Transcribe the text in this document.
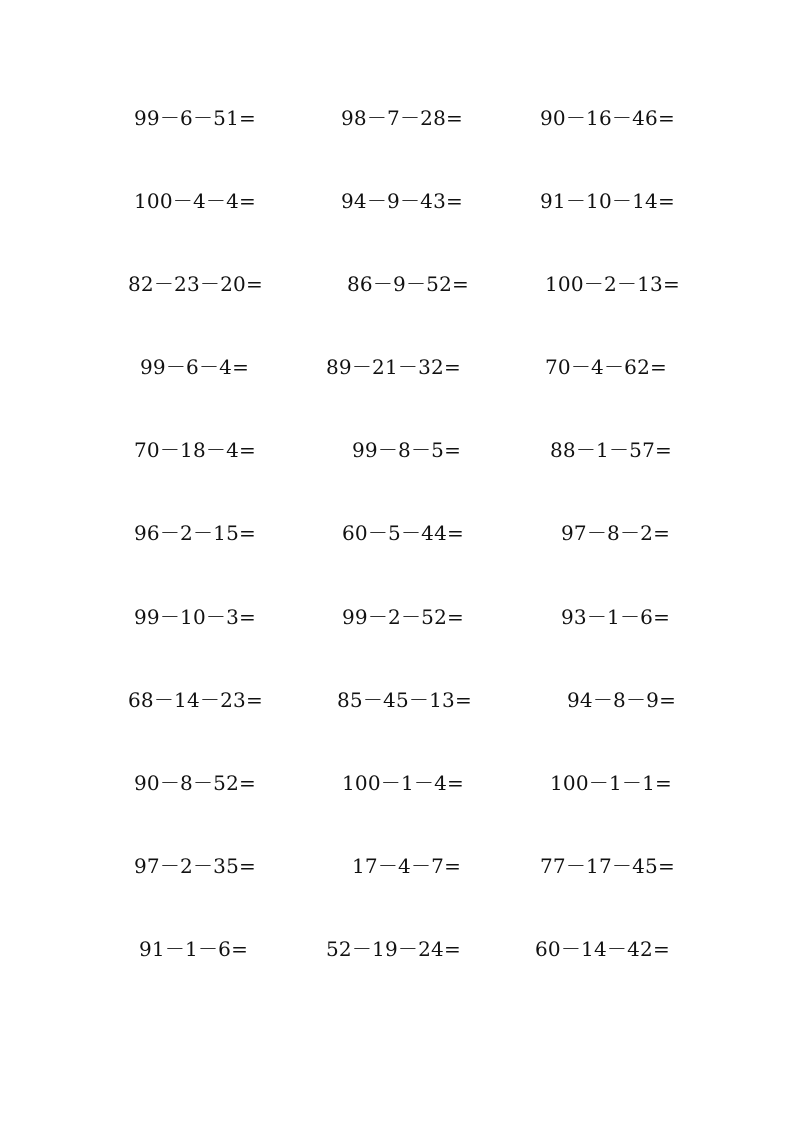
99－6－51=	98－7－28=	90－16－46=
100－4－4=	94－9－43=	91－10－14=
82－23－20=	86－9－52=	100－2－13=
99－6－4=	89－21－32=	70－4－62=
70－18－4=	99－8－5=	88－1－57=
96－2－15=	60－5－44=	97－8－2=
99－10－3=	99－2－52=	93－1－6=
68－14－23=	85－45－13=	94－8－9=
90－8－52=	100－1－4=	100－1－1=
97－2－35=	17－4－7=	77－17－45=
91－1－6=	52－19－24=	60－14－42=
